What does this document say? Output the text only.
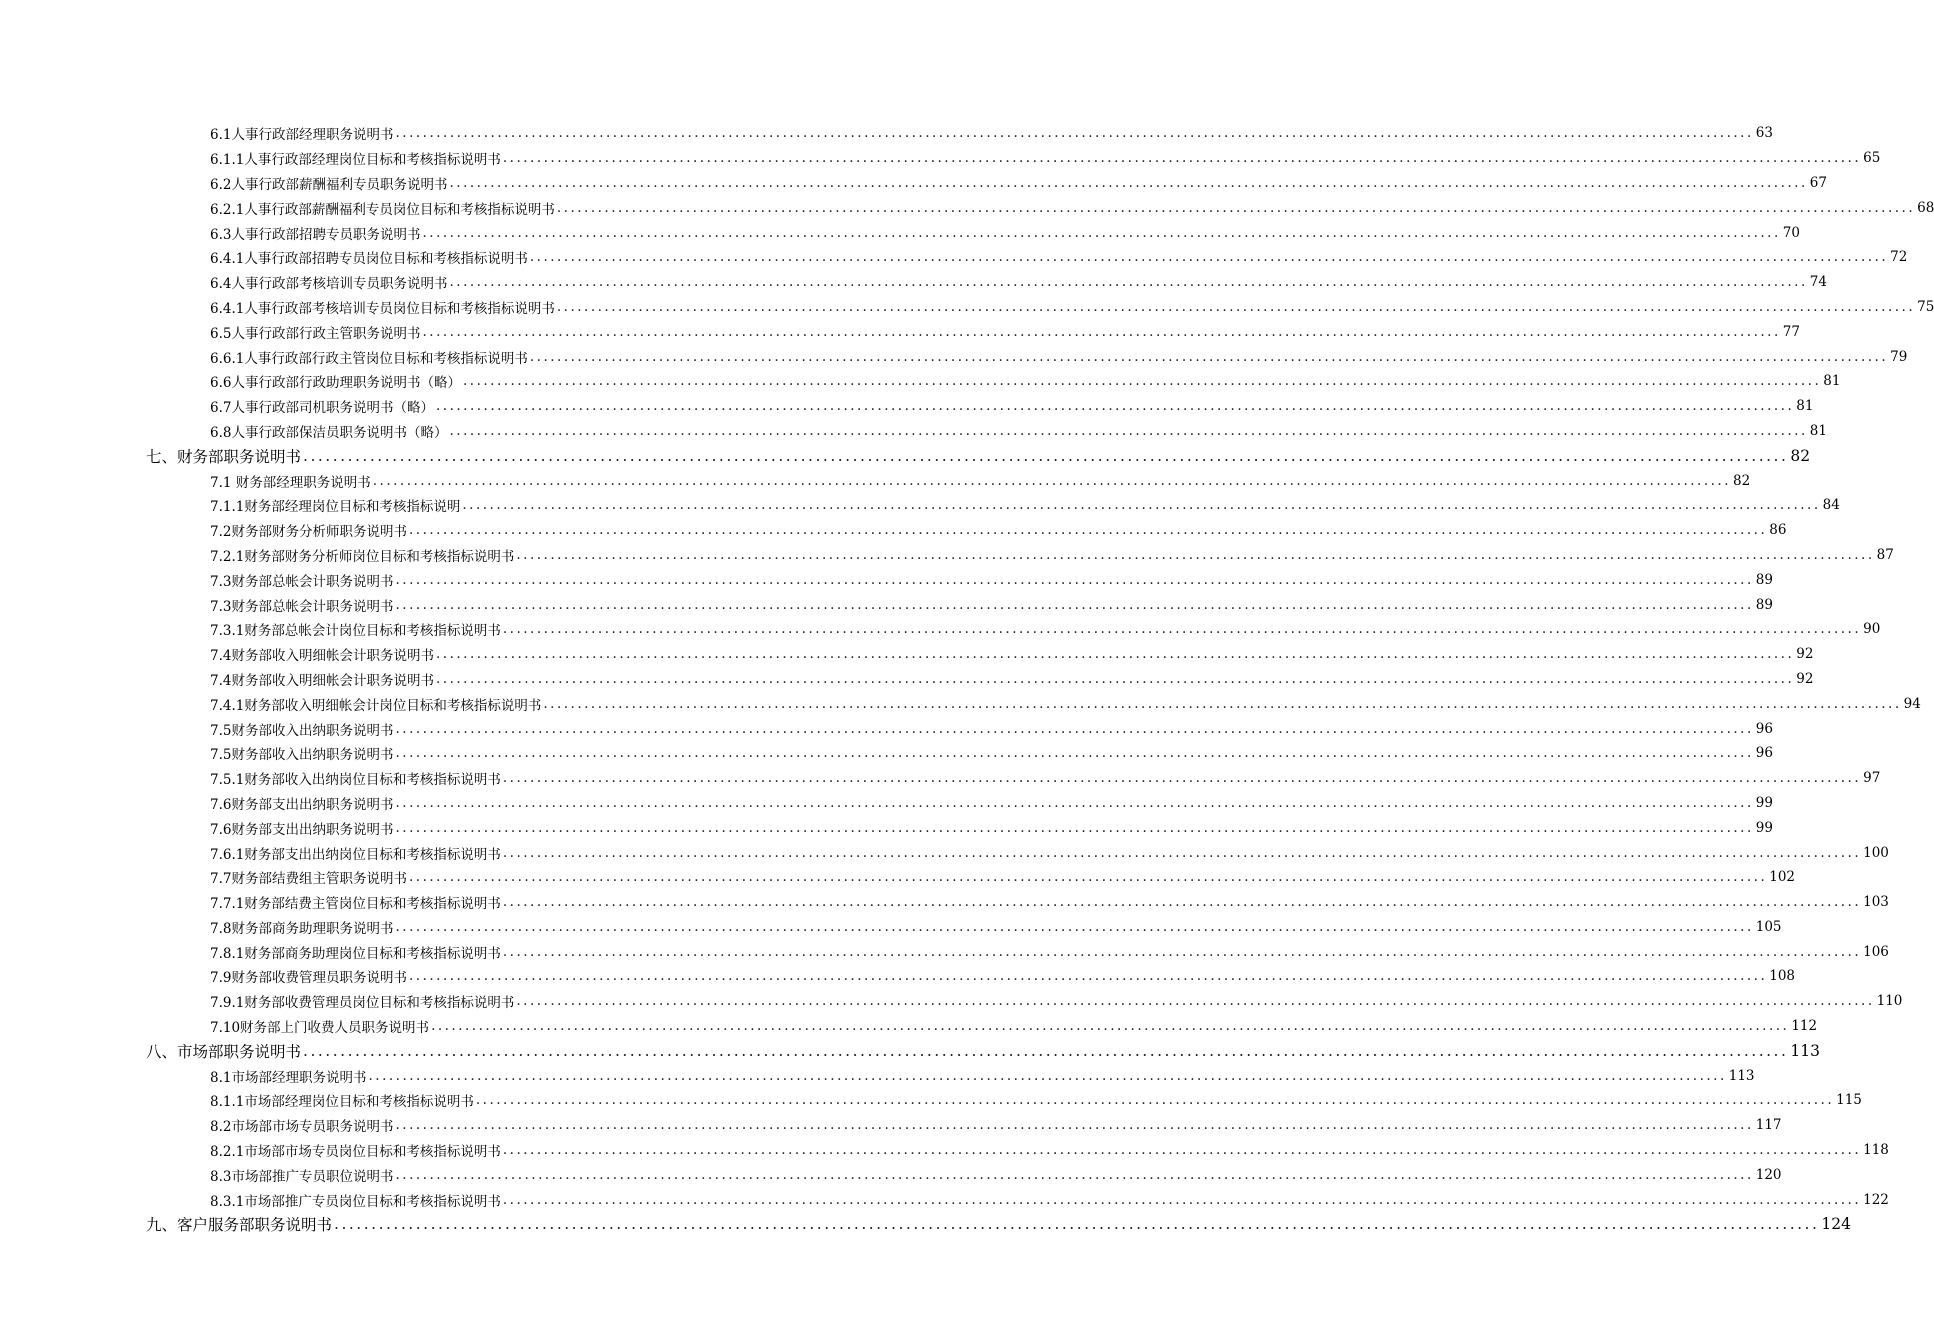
6.1人事行政部经理职务说明书 ........................................................................................................................................................................................................ 63
6.1.1人事行政部经理岗位目标和考核指标说明书 ........................................................................................................................................................................................................ 65
6.2人事行政部薪酬福利专员职务说明书 ........................................................................................................................................................................................................ 67
6.2.1人事行政部薪酬福利专员岗位目标和考核指标说明书 ........................................................................................................................................................................................................ 68
6.3人事行政部招聘专员职务说明书 ........................................................................................................................................................................................................ 70
6.4.1人事行政部招聘专员岗位目标和考核指标说明书 ........................................................................................................................................................................................................ 72
6.4人事行政部考核培训专员职务说明书 ........................................................................................................................................................................................................ 74
6.4.1人事行政部考核培训专员岗位目标和考核指标说明书 ........................................................................................................................................................................................................ 75
6.5人事行政部行政主管职务说明书 ........................................................................................................................................................................................................ 77
6.6.1人事行政部行政主管岗位目标和考核指标说明书 ........................................................................................................................................................................................................ 79
6.6人事行政部行政助理职务说明书（略） ........................................................................................................................................................................................................ 81
6.7人事行政部司机职务说明书（略） ........................................................................................................................................................................................................ 81
6.8人事行政部保洁员职务说明书（略） ........................................................................................................................................................................................................ 81
七、财务部职务说明书 ........................................................................................................................................................................................................ 82
7.1 财务部经理职务说明书 ........................................................................................................................................................................................................ 82
7.1.1财务部经理岗位目标和考核指标说明 ........................................................................................................................................................................................................ 84
7.2财务部财务分析师职务说明书 ........................................................................................................................................................................................................ 86
7.2.1财务部财务分析师岗位目标和考核指标说明书 ........................................................................................................................................................................................................ 87
7.3财务部总帐会计职务说明书 ........................................................................................................................................................................................................ 89
7.3财务部总帐会计职务说明书 ........................................................................................................................................................................................................ 89
7.3.1财务部总帐会计岗位目标和考核指标说明书 ........................................................................................................................................................................................................ 90
7.4财务部收入明细帐会计职务说明书 ........................................................................................................................................................................................................ 92
7.4财务部收入明细帐会计职务说明书 ........................................................................................................................................................................................................ 92
7.4.1财务部收入明细帐会计岗位目标和考核指标说明书 ........................................................................................................................................................................................................ 94
7.5财务部收入出纳职务说明书 ........................................................................................................................................................................................................ 96
7.5财务部收入出纳职务说明书 ........................................................................................................................................................................................................ 96
7.5.1财务部收入出纳岗位目标和考核指标说明书 ........................................................................................................................................................................................................ 97
7.6财务部支出出纳职务说明书 ........................................................................................................................................................................................................ 99
7.6财务部支出出纳职务说明书 ........................................................................................................................................................................................................ 99
7.6.1财务部支出出纳岗位目标和考核指标说明书 ........................................................................................................................................................................................................ 100
7.7财务部结费组主管职务说明书 ........................................................................................................................................................................................................ 102
7.7.1财务部结费主管岗位目标和考核指标说明书 ........................................................................................................................................................................................................ 103
7.8财务部商务助理职务说明书 ........................................................................................................................................................................................................ 105
7.8.1财务部商务助理岗位目标和考核指标说明书 ........................................................................................................................................................................................................ 106
7.9财务部收费管理员职务说明书 ........................................................................................................................................................................................................ 108
7.9.1财务部收费管理员岗位目标和考核指标说明书 ........................................................................................................................................................................................................ 110
7.10财务部上门收费人员职务说明书 ........................................................................................................................................................................................................ 112
八、市场部职务说明书 ........................................................................................................................................................................................................ 113
8.1市场部经理职务说明书 ........................................................................................................................................................................................................ 113
8.1.1市场部经理岗位目标和考核指标说明书 ........................................................................................................................................................................................................ 115
8.2市场部市场专员职务说明书 ........................................................................................................................................................................................................ 117
8.2.1市场部市场专员岗位目标和考核指标说明书 ........................................................................................................................................................................................................ 118
8.3市场部推广专员职位说明书 ........................................................................................................................................................................................................ 120
8.3.1市场部推广专员岗位目标和考核指标说明书 ........................................................................................................................................................................................................ 122
九、客户服务部职务说明书 ........................................................................................................................................................................................................ 124
